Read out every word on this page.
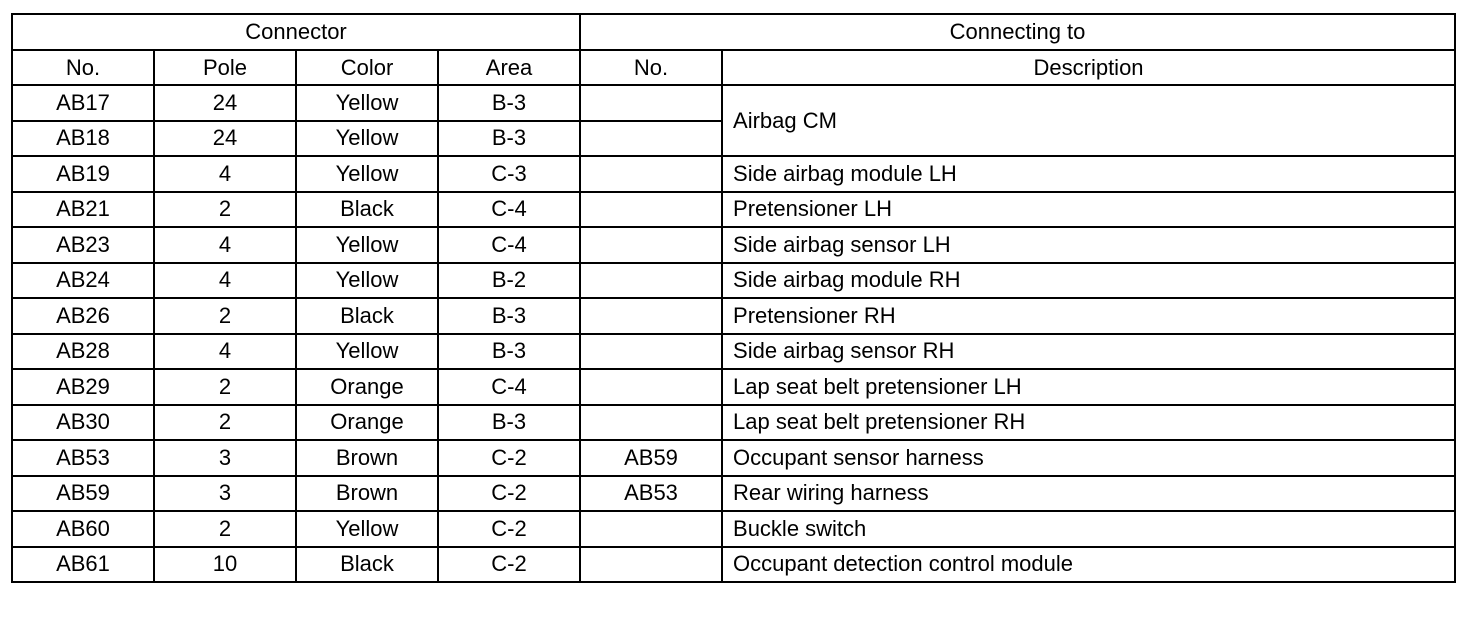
Connector				Connecting to	
No.	Pole	Color	Area	No.	Description
AB17	24	Yellow	B-3		Airbag CM
AB18	24	Yellow	B-3		
AB19	4	Yellow	C-3		Side airbag module LH
AB21	2	Black	C-4		Pretensioner LH
AB23	4	Yellow	C-4		Side airbag sensor LH
AB24	4	Yellow	B-2		Side airbag module RH
AB26	2	Black	B-3		Pretensioner RH
AB28	4	Yellow	B-3		Side airbag sensor RH
AB29	2	Orange	C-4		Lap seat belt pretensioner LH
AB30	2	Orange	B-3		Lap seat belt pretensioner RH
AB53	3	Brown	C-2	AB59	Occupant sensor harness
AB59	3	Brown	C-2	AB53	Rear wiring harness
AB60	2	Yellow	C-2		Buckle switch
AB61	10	Black	C-2		Occupant detection control module
